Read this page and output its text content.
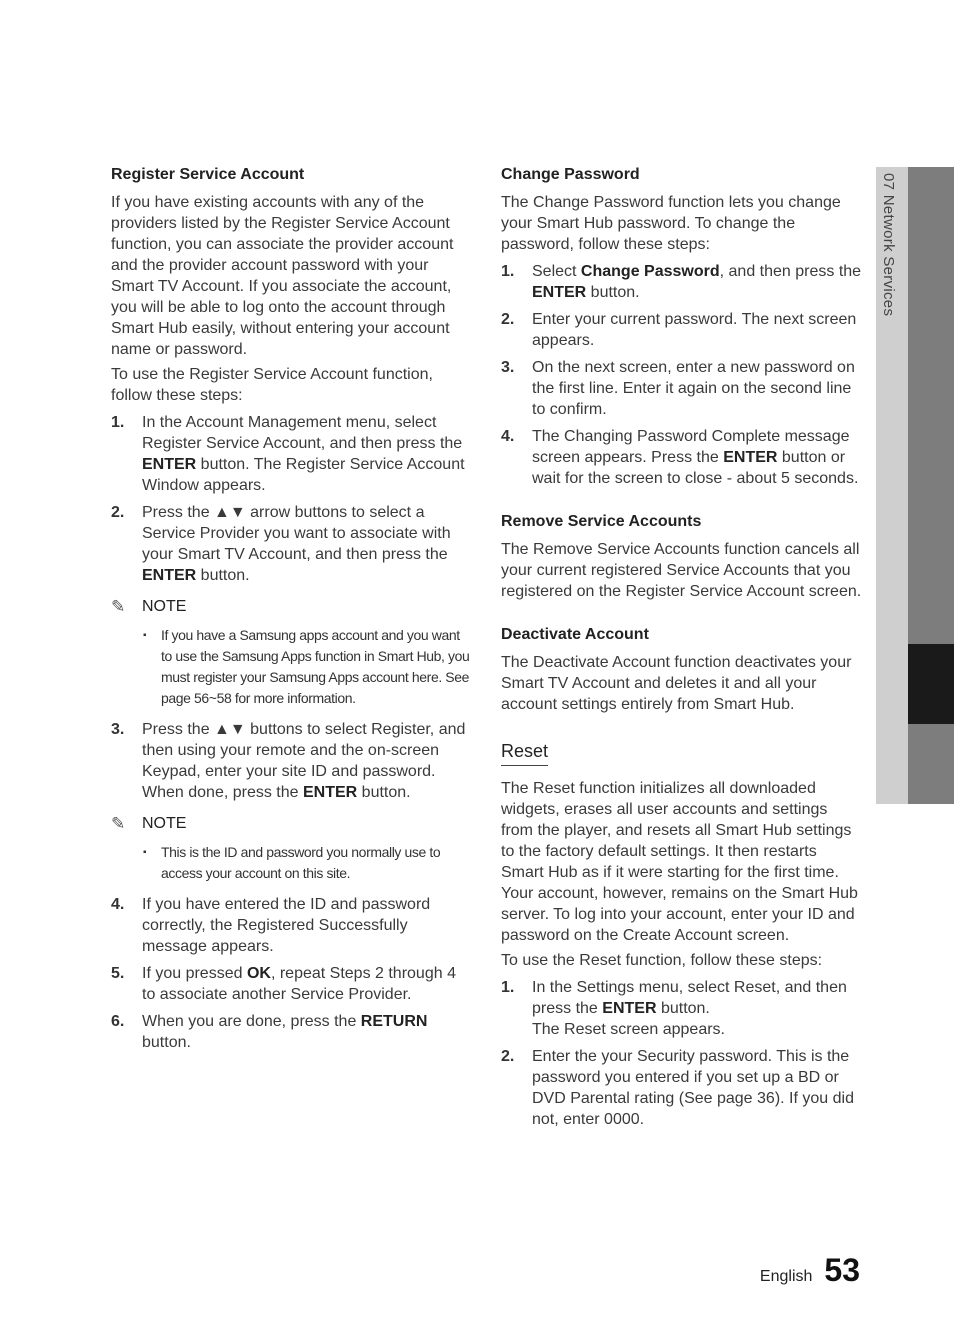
Register Service Account

If you have existing accounts with any of the providers listed by the Register Service Account function, you can associate the provider account and the provider account password with your Smart TV Account. If you associate the account, you will be able to log onto the account through Smart Hub easily, without entering your account name or password.

To use the Register Service Account function, follow these steps:

1. In the Account Management menu, select Register Service Account, and then press the ENTER button. The Register Service Account Window appears.
2. Press the ▲▼ arrow buttons to select a Service Provider you want to associate with your Smart TV Account, and then press the ENTER button.
✎	NOTE
▪ If you have a Samsung apps account and you want to use the Samsung Apps function in Smart Hub, you must register your Samsung Apps account here. See page 56~58 for more information.
3. Press the ▲▼ buttons to select Register, and then using your remote and the on-screen Keypad, enter your site ID and password. When done, press the ENTER button.
✎	NOTE
▪ This is the ID and password you normally use to access your account on this site.
4. If you have entered the ID and password correctly, the Registered Successfully message appears.
5. If you pressed OK, repeat Steps 2 through 4 to associate another Service Provider.
6. When you are done, press the RETURN button.
Change Password

The Change Password function lets you change your Smart Hub password. To change the password, follow these steps:

1. Select Change Password, and then press the ENTER button.
2. Enter your current password. The next screen appears.
3. On the next screen, enter a new password on the first line. Enter it again on the second line to confirm.
4. The Changing Password Complete message screen appears. Press the ENTER button or wait for the screen to close - about 5 seconds.
Remove Service Accounts

The Remove Service Accounts function cancels all your current registered Service Accounts that you registered on the Register Service Account screen.

Deactivate Account

The Deactivate Account function deactivates your Smart TV Account and deletes it and all your account settings entirely from Smart Hub.

Reset

The Reset function initializes all downloaded widgets, erases all user accounts and settings from the player, and resets all Smart Hub settings to the factory default settings. It then restarts Smart Hub as if it were starting for the first time. Your account, however, remains on the Smart Hub server. To log into your account, enter your ID and password on the Create Account screen.

To use the Reset function, follow these steps:

1. In the Settings menu, select Reset, and then press the ENTER button.
The Reset screen appears.
2. Enter the your Security password. This is the password you entered if you set up a BD or DVD Parental rating (See page 36). If you did not, enter 0000.
07 Network Services
English 53
